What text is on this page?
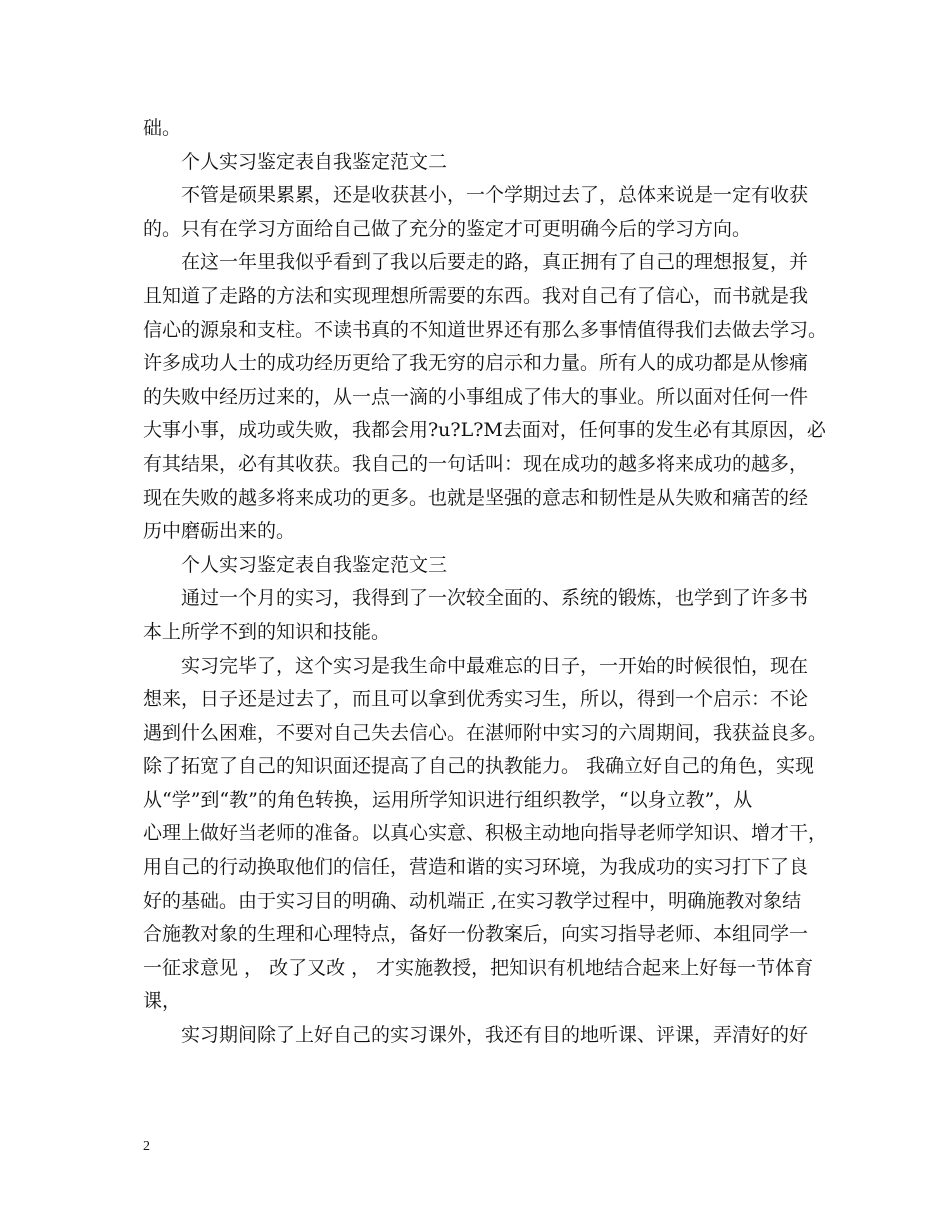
础。
个人实习鉴定表自我鉴定范文二
不管是硕果累累，还是收获甚小，一个学期过去了，总体来说是一定有收获
的。只有在学习方面给自己做了充分的鉴定才可更明确今后的学习方向。
在这一年里我似乎看到了我以后要走的路，真正拥有了自己的理想报复，并
且知道了走路的方法和实现理想所需要的东西。我对自己有了信心，而书就是我
信心的源泉和支柱。不读书真的不知道世界还有那么多事情值得我们去做去学习。
许多成功人士的成功经历更给了我无穷的启示和力量。所有人的成功都是从惨痛
的失败中经历过来的，从一点一滴的小事组成了伟大的事业。所以面对任何一件
大事小事，成功或失败，我都会用?u?L?M去面对，任何事的发生必有其原因，必
有其结果，必有其收获。我自己的一句话叫：现在成功的越多将来成功的越多，
现在失败的越多将来成功的更多。也就是坚强的意志和韧性是从失败和痛苦的经
历中磨砺出来的。
个人实习鉴定表自我鉴定范文三
通过一个月的实习，我得到了一次较全面的、系统的锻炼，也学到了许多书
本上所学不到的知识和技能。
实习完毕了，这个实习是我生命中最难忘的日子，一开始的时候很怕，现在
想来，日子还是过去了，而且可以拿到优秀实习生，所以，得到一个启示：不论
遇到什么困难，不要对自己失去信心。在湛师附中实习的六周期间，我获益良多。
除了拓宽了自己的知识面还提高了自己的执教能力。 我确立好自己的角色，实现
从“学”到“教”的角色转换，运用所学知识进行组织教学，“以身立教”，从
心理上做好当老师的准备。以真心实意、积极主动地向指导老师学知识、增才干，
用自己的行动换取他们的信任，营造和谐的实习环境，为我成功的实习打下了良
好的基础。由于实习目的明确、动机端正 ,在实习教学过程中，明确施教对象结
合施教对象的生理和心理特点，备好一份教案后，向实习指导老师、本组同学一
一征求意见 ， 改了又改 ， 才实施教授，把知识有机地结合起来上好每一节体育
课，
实习期间除了上好自己的实习课外，我还有目的地听课、评课，弄清好的好
2
